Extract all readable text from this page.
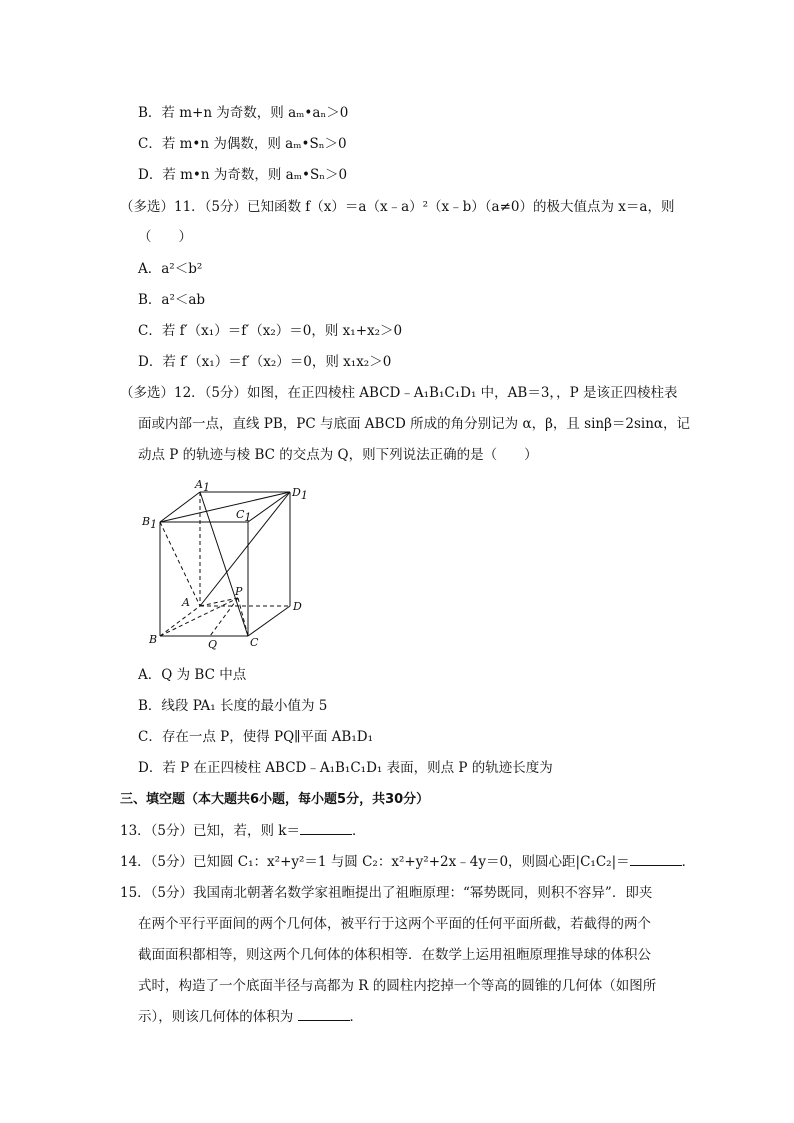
B．若 m+n 为奇数，则 aₘ•aₙ＞0
C．若 m•n 为偶数，则 aₘ•Sₙ＞0
D．若 m•n 为奇数，则 aₘ•Sₙ＞0
（多选）11．（5分）已知函数 f（x）＝a（x﹣a）²（x﹣b）（a≠0）的极大值点为 x＝a，则
（　　）
A．a²＜b²
B．a²＜ab
C．若 f′（x₁）＝f′（x₂）＝0，则 x₁+x₂＞0
D．若 f′（x₁）＝f′（x₂）＝0，则 x₁x₂＞0
（多选）12．（5分）如图，在正四棱柱 ABCD﹣A₁B₁C₁D₁ 中，AB＝3，，P 是该正四棱柱表
面或内部一点，直线 PB，PC 与底面 ABCD 所成的角分别记为 α，β，且 sinβ＝2sinα，记
动点 P 的轨迹与棱 BC 的交点为 Q，则下列说法正确的是（　　）
A1	D1
B1
C1
A
P
D
B	Q	C
A．Q 为 BC 中点
B．线段 PA₁ 长度的最小值为 5
C．存在一点 P，使得 PQ∥平面 AB₁D₁
D．若 P 在正四棱柱 ABCD﹣A₁B₁C₁D₁ 表面，则点 P 的轨迹长度为
三、填空题（本大题共6小题，每小题5分，共30分）
13．（5分）已知，若，则 k＝	．
14．（5分）已知圆 C₁：x²+y²＝1 与圆 C₂：x²+y²+2x﹣4y＝0，则圆心距|C₁C₂|＝	．
15．（5分）我国南北朝著名数学家祖暅提出了祖暅原理：“幂势既同，则积不容异”．即夹
在两个平行平面间的两个几何体，被平行于这两个平面的任何平面所截，若截得的两个
截面面积都相等，则这两个几何体的体积相等．在数学上运用祖暅原理推导球的体积公
式时，构造了一个底面半径与高都为 R 的圆柱内挖掉一个等高的圆锥的几何体（如图所
示），则该几何体的体积为	．
